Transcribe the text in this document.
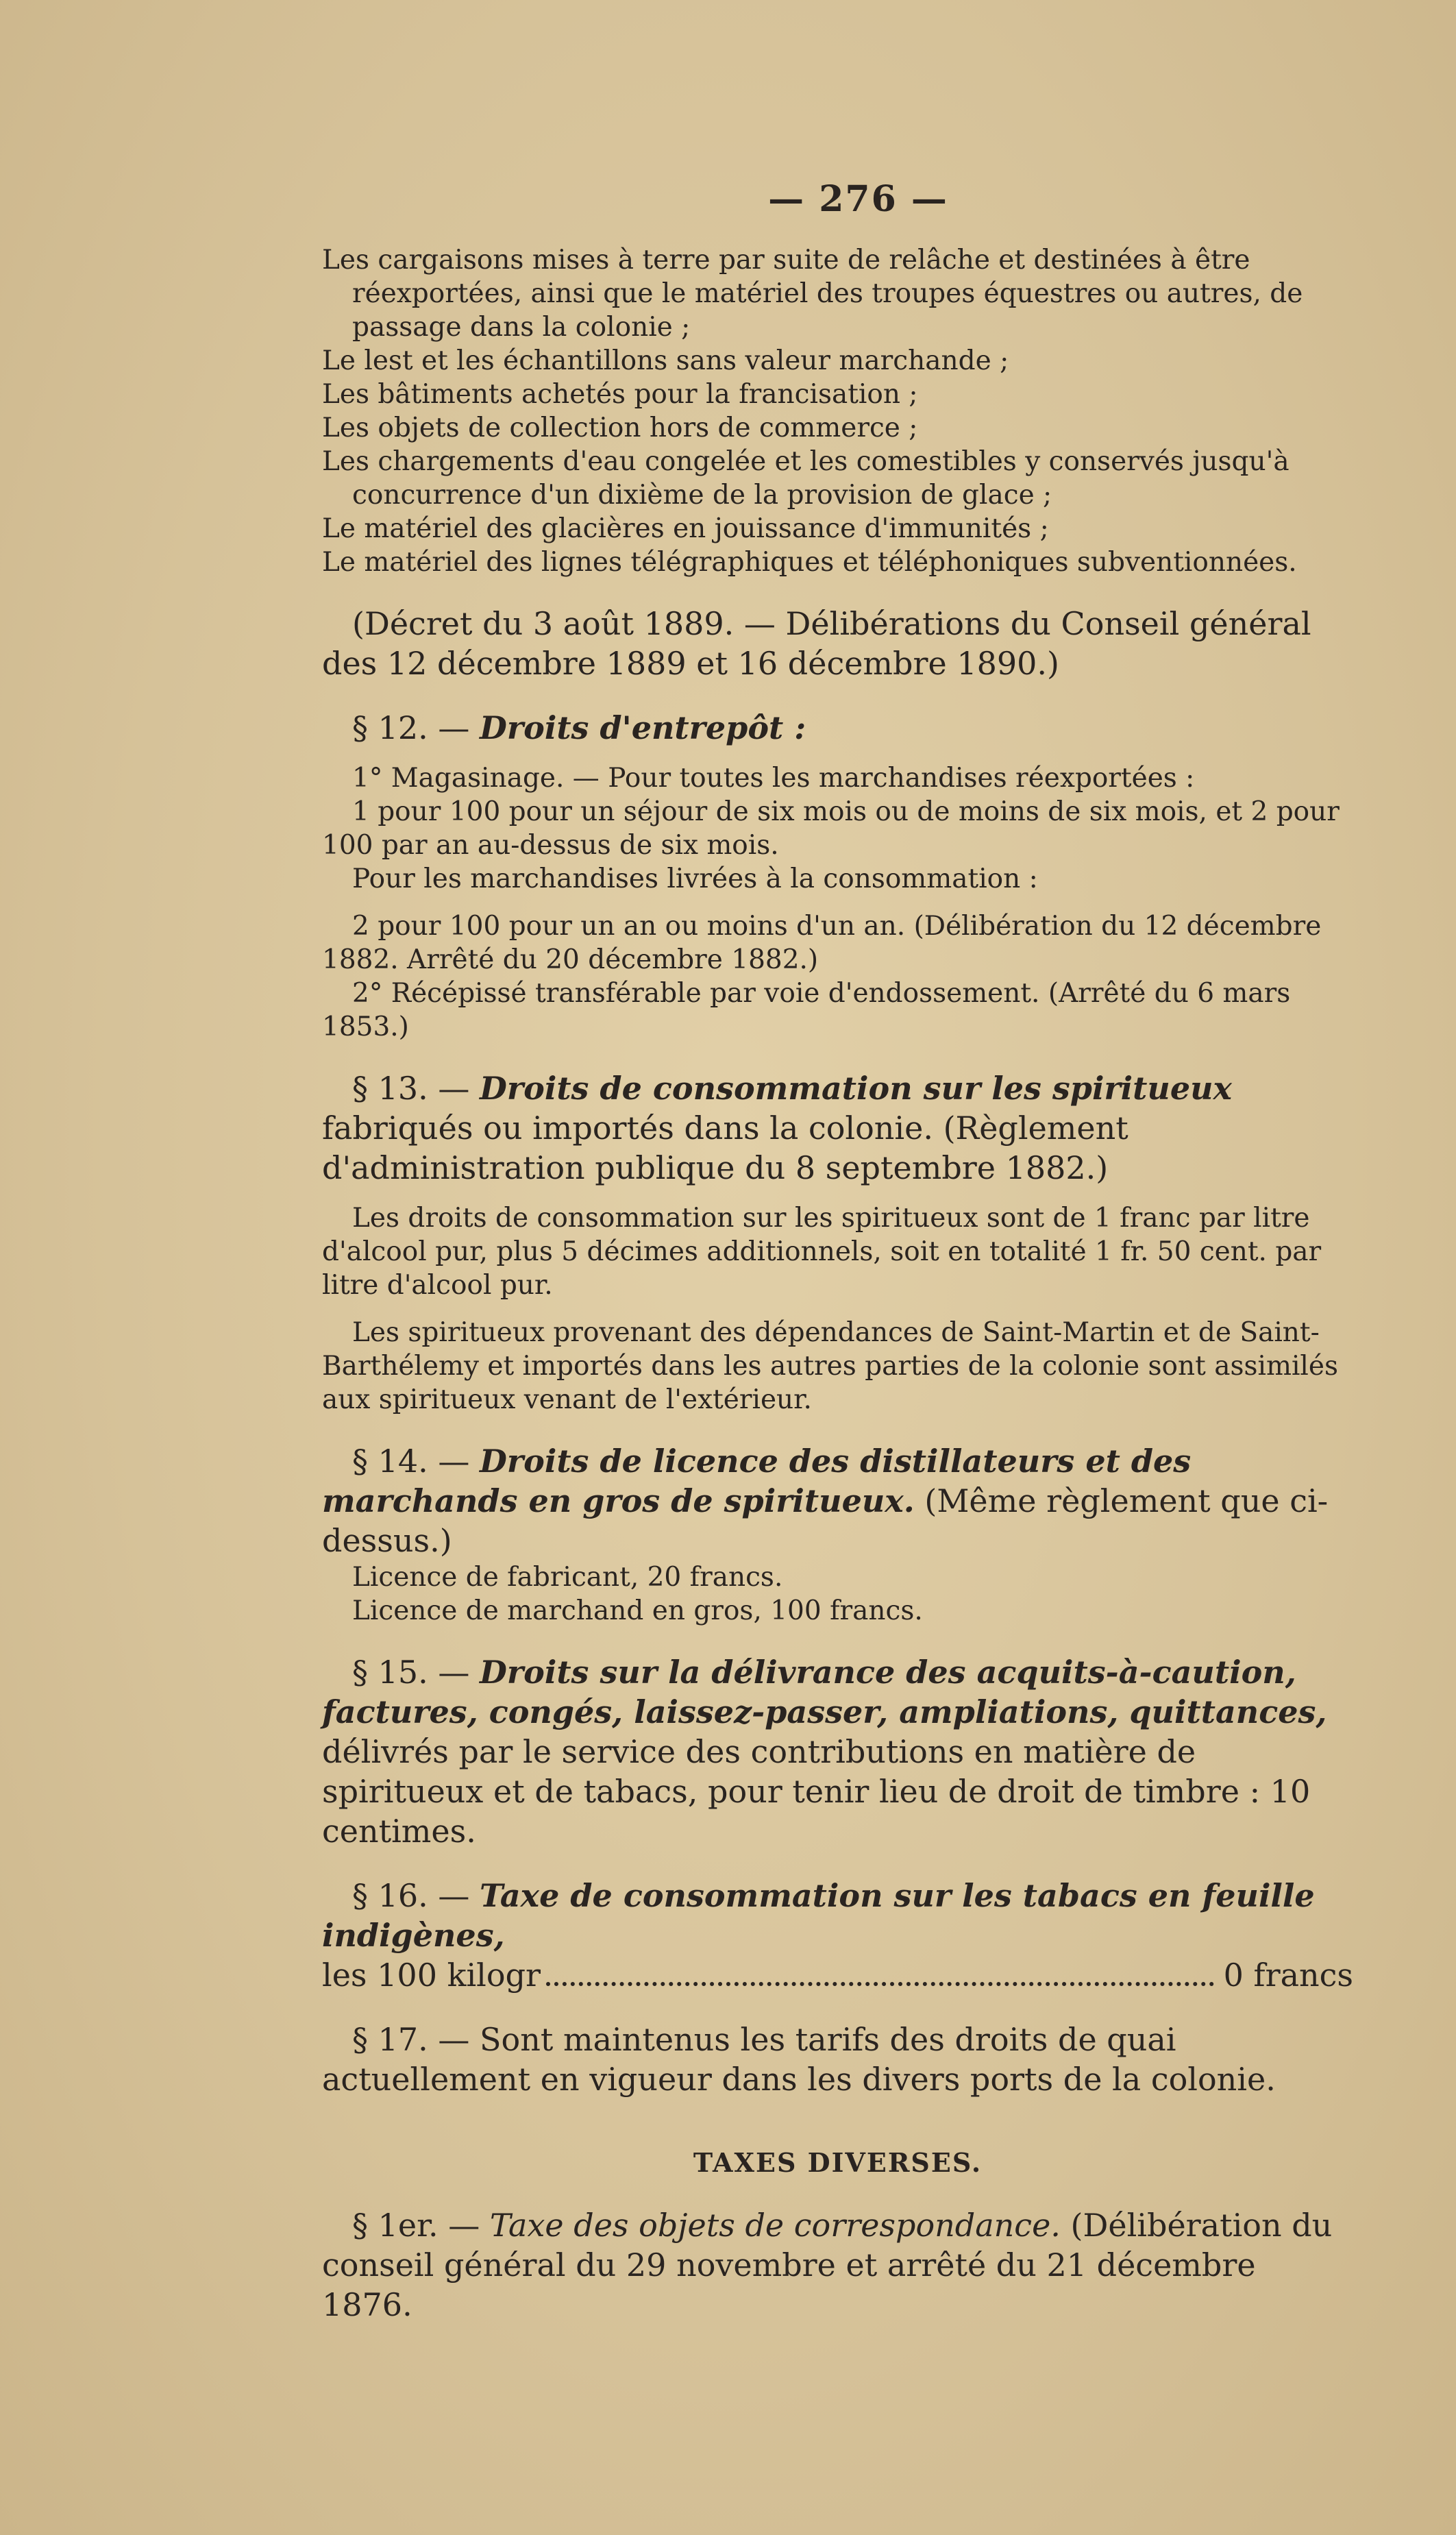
— 276 —

Les cargaisons mises à terre par suite de relâche et destinées à être réexportées, ainsi que le matériel des troupes équestres ou autres, de passage dans la colonie ;

Le lest et les échantillons sans valeur marchande ;

Les bâtiments achetés pour la francisation ;

Les objets de collection hors de commerce ;

Les chargements d'eau congelée et les comestibles y conservés jusqu'à concurrence d'un dixième de la provision de glace ;

Le matériel des glacières en jouissance d'immunités ;

Le matériel des lignes télégraphiques et téléphoniques subventionnées.

(Décret du 3 août 1889. — Délibérations du Conseil général des 12 décembre 1889 et 16 décembre 1890.)

§ 12. — Droits d'entrepôt :

1° Magasinage. — Pour toutes les marchandises réexportées :

1 pour 100 pour un séjour de six mois ou de moins de six mois, et 2 pour 100 par an au-dessus de six mois.

Pour les marchandises livrées à la consommation :

2 pour 100 pour un an ou moins d'un an. (Délibération du 12 décembre 1882. Arrêté du 20 décembre 1882.)

2° Récépissé transférable par voie d'endossement. (Arrêté du 6 mars 1853.)

§ 13. — Droits de consommation sur les spiritueux fabriqués ou importés dans la colonie. (Règlement d'administration publique du 8 septembre 1882.)

Les droits de consommation sur les spiritueux sont de 1 franc par litre d'alcool pur, plus 5 décimes additionnels, soit en totalité 1 fr. 50 cent. par litre d'alcool pur.

Les spiritueux provenant des dépendances de Saint-Martin et de Saint-Barthélemy et importés dans les autres parties de la colonie sont assimilés aux spiritueux venant de l'extérieur.

§ 14. — Droits de licence des distillateurs et des marchands en gros de spiritueux. (Même règlement que ci-dessus.)

Licence de fabricant, 20 francs.

Licence de marchand en gros, 100 francs.

§ 15. — Droits sur la délivrance des acquits-à-caution, factures, congés, laissez-passer, ampliations, quittances, délivrés par le service des contributions en matière de spiritueux et de tabacs, pour tenir lieu de droit de timbre : 10 centimes.

§ 16. — Taxe de consommation sur les tabacs en feuille indigènes,

les 100 kilogr	0 francs

§ 17. — Sont maintenus les tarifs des droits de quai actuellement en vigueur dans les divers ports de la colonie.

TAXES DIVERSES.

§ 1er. — Taxe des objets de correspondance. (Délibération du conseil général du 29 novembre et arrêté du 21 décembre 1876.
